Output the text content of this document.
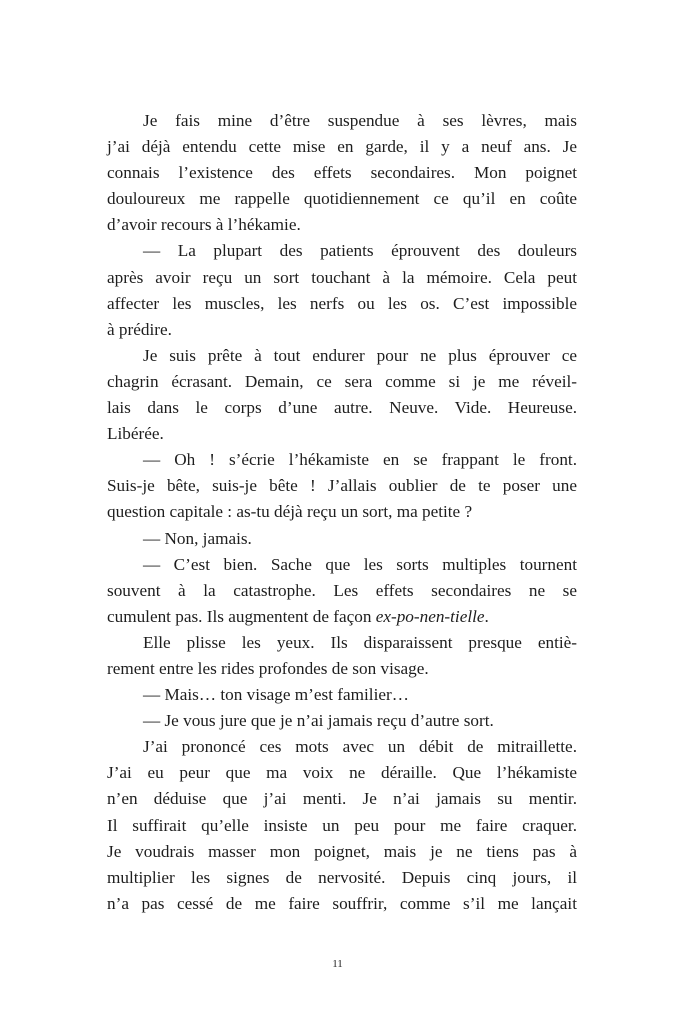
Je fais mine d’être suspendue à ses lèvres, mais
j’ai déjà entendu cette mise en garde, il y a neuf ans. Je
connais l’existence des effets secondaires. Mon poignet
douloureux me rappelle quotidiennement ce qu’il en coûte
d’avoir recours à l’hékamie.
— La plupart des patients éprouvent des douleurs
après avoir reçu un sort touchant à la mémoire. Cela peut
affecter les muscles, les nerfs ou les os. C’est impossible
à prédire.
Je suis prête à tout endurer pour ne plus éprouver ce
chagrin écrasant. Demain, ce sera comme si je me réveil-
lais dans le corps d’une autre. Neuve. Vide. Heureuse.
Libérée.
— Oh ! s’écrie l’hékamiste en se frappant le front.
Suis-je bête, suis-je bête ! J’allais oublier de te poser une
question capitale : as-tu déjà reçu un sort, ma petite ?
— Non, jamais.
— C’est bien. Sache que les sorts multiples tournent
souvent à la catastrophe. Les effets secondaires ne se
cumulent pas. Ils augmentent de façon ex-po-nen-tielle.
Elle plisse les yeux. Ils disparaissent presque entiè-
rement entre les rides profondes de son visage.
— Mais… ton visage m’est familier…
— Je vous jure que je n’ai jamais reçu d’autre sort.
J’ai prononcé ces mots avec un débit de mitraillette.
J’ai eu peur que ma voix ne déraille. Que l’hékamiste
n’en déduise que j’ai menti. Je n’ai jamais su mentir.
Il suffirait qu’elle insiste un peu pour me faire craquer.
Je voudrais masser mon poignet, mais je ne tiens pas à
multiplier les signes de nervosité. Depuis cinq jours, il
n’a pas cessé de me faire souffrir, comme s’il me lançait
11
